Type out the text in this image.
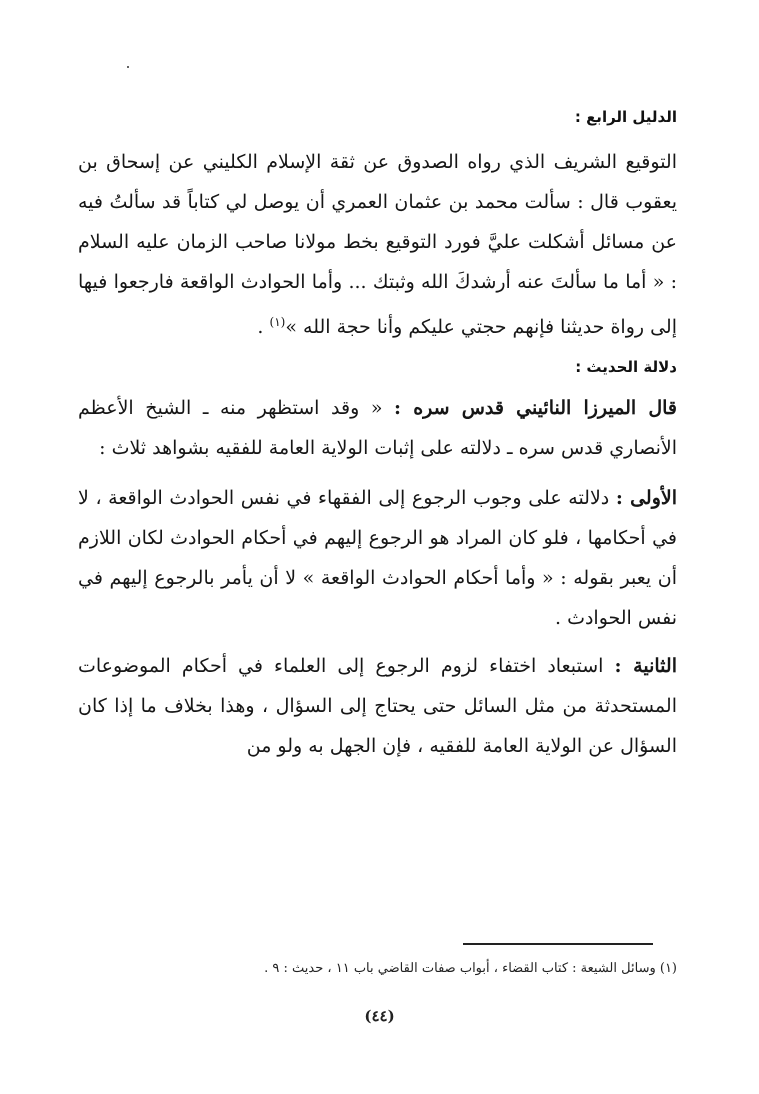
الدليل الرابع :

التوقيع الشريف الذي رواه الصدوق عن ثقة الإسلام الكليني عن إسحاق بن يعقوب قال : سألت محمد بن عثمان العمري أن يوصل لي كتاباً قد سألتُ فيه عن مسائل أشكلت عليَّ فورد التوقيع بخط مولانا صاحب الزمان عليه السلام : « أما ما سألتَ عنه أرشدكَ الله وثبتك ... وأما الحوادث الواقعة فارجعوا فيها إلى رواة حديثنا فإنهم حجتي عليكم وأنا حجة الله »$^{(١)}$ .

دلالة الحديث :

قال الميرزا النائيني قدس سره : « وقد استظهر منه ـ الشيخ الأعظم الأنصاري قدس سره ـ دلالته على إثبات الولاية العامة للفقيه بشواهد ثلاث :

الأولى : دلالته على وجوب الرجوع إلى الفقهاء في نفس الحوادث الواقعة ، لا في أحكامها ، فلو كان المراد هو الرجوع إليهم في أحكام الحوادث لكان اللازم أن يعبر بقوله : « وأما أحكام الحوادث الواقعة » لا أن يأمر بالرجوع إليهم في نفس الحوادث .

الثانية : استبعاد اختفاء لزوم الرجوع إلى العلماء في أحكام الموضوعات المستحدثة من مثل السائل حتى يحتاج إلى السؤال ، وهذا بخلاف ما إذا كان السؤال عن الولاية العامة للفقيه ، فإن الجهل به ولو من

(١) وسائل الشيعة : كتاب القضاء ، أبواب صفات القاضي باب ١١ ، حديث : ٩ .
(٤٤)
